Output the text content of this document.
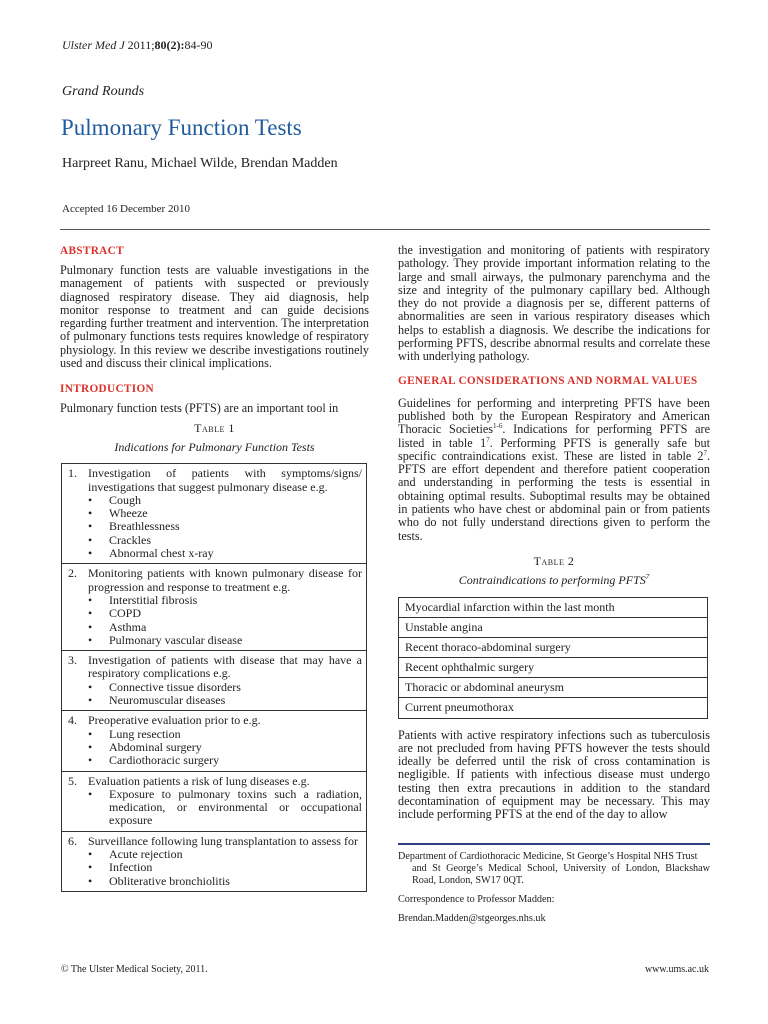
Ulster Med J 2011;80(2):84-90
Grand Rounds
Pulmonary Function Tests
Harpreet Ranu, Michael Wilde, Brendan Madden
Accepted 16 December 2010
ABSTRACT

Pulmonary function tests are valuable investigations in the management of patients with suspected or previously diagnosed respiratory disease. They aid diagnosis, help monitor response to treatment and can guide decisions regarding further treatment and intervention. The interpretation of pulmonary functions tests requires knowledge of respiratory physiology. In this review we describe investigations routinely used and discuss their clinical implications.

INTRODUCTION

Pulmonary function tests (PFTS) are an important tool in

Table 1
Indications for Pulmonary Function Tests
1. Investigation of patients with symptoms/signs/ investigations that suggest pulmonary disease e.g.
•	Cough
•	Wheeze
•	Breathlessness
•	Crackles
•	Abnormal chest x-ray
2. Monitoring patients with known pulmonary disease for progression and response to treatment e.g.
•	Interstitial fibrosis
•	COPD
•	Asthma
•	Pulmonary vascular disease
3. Investigation of patients with disease that may have a respiratory complications e.g.
•	Connective tissue disorders
•	Neuromuscular diseases
4. Preoperative evaluation prior to e.g.
•	Lung resection
•	Abdominal surgery
•	Cardiothoracic surgery
5. Evaluation patients a risk of lung diseases e.g.
•	Exposure to pulmonary toxins such a radiation, medication, or environmental or occupational exposure
6. Surveillance following lung transplantation to assess for
•	Acute rejection
•	Infection
•	Obliterative bronchiolitis

the investigation and monitoring of patients with respiratory pathology. They provide important information relating to the large and small airways, the pulmonary parenchyma and the size and integrity of the pulmonary capillary bed. Although they do not provide a diagnosis per se, different patterns of abnormalities are seen in various respiratory diseases which helps to establish a diagnosis. We describe the indications for performing PFTS, describe abnormal results and correlate these with underlying pathology.

GENERAL CONSIDERATIONS AND NORMAL VALUES

Guidelines for performing and interpreting PFTS have been published both by the European Respiratory and American Thoracic Societies$^{1-6}$. Indications for performing PFTS are listed in table $1^7$. Performing PFTS is generally safe but specific contraindications exist. These are listed in table $2^7$. PFTS are effort dependent and therefore patient cooperation and understanding in performing the tests is essential in obtaining optimal results. Suboptimal results may be obtained in patients who have chest or abdominal pain or from patients who do not fully understand directions given to perform the tests.

Table 2
Contraindications to performing PFTS$^7$
Myocardial infarction within the last month
Unstable angina
Recent thoraco-abdominal surgery
Recent ophthalmic surgery
Thoracic or abdominal aneurysm
Current pneumothorax

Patients with active respiratory infections such as tuberculosis are not precluded from having PFTS however the tests should ideally be deferred until the risk of cross contamination is negligible. If patients with infectious disease must undergo testing then extra precautions in addition to the standard decontamination of equipment may be necessary. This may include performing PFTS at the end of the day to allow

Department of Cardiothoracic Medicine, St George’s Hospital NHS Trust

and St George’s Medical School, University of London, Blackshaw Road, London, SW17 0QT.

Correspondence to Professor Madden:

Brendan.Madden@stgeorges.nhs.uk

© The Ulster Medical Society, 2011.	www.ums.ac.uk
